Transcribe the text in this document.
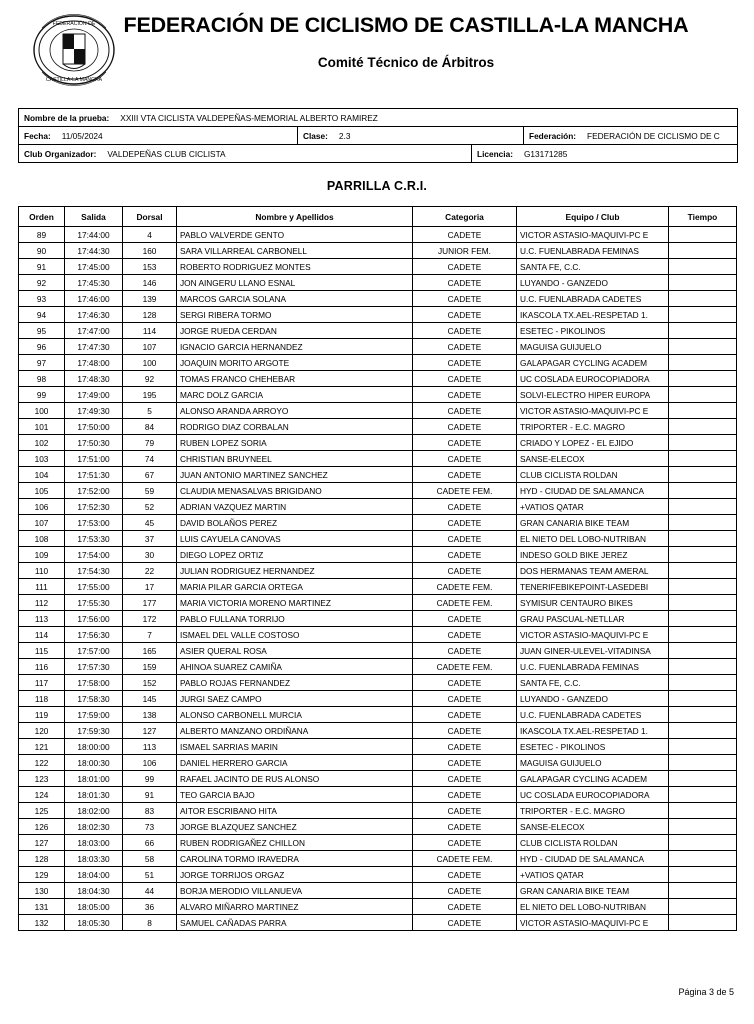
FEDERACIÓN DE
CASTILLA-LA MANCHA
FEDERACIÓN DE CICLISMO DE CASTILLA-LA MANCHA
Comité Técnico de Árbitros
Nombre de la prueba:	XXIII VTA CICLISTA VALDEPEÑAS-MEMORIAL ALBERTO RAMIREZ
Fecha:	11/05/2024	Clase:	2.3	Federación:	FEDERACIÓN DE CICLISMO DE C
Club Organizador:	VALDEPEÑAS CLUB CICLISTA	Licencia:	G13171285
PARRILLA C.R.I.
Orden	Salida	Dorsal	Nombre y Apellidos	Categoria	Equipo / Club	Tiempo
89	17:44:00	4	PABLO VALVERDE GENTO	CADETE	VICTOR ASTASIO-MAQUIVI-PC E	
90	17:44:30	160	SARA VILLARREAL CARBONELL	JUNIOR FEM.	U.C. FUENLABRADA FEMINAS	
91	17:45:00	153	ROBERTO RODRIGUEZ MONTES	CADETE	SANTA FE, C.C.	
92	17:45:30	146	JON AINGERU LLANO ESNAL	CADETE	LUYANDO - GANZEDO	
93	17:46:00	139	MARCOS GARCIA SOLANA	CADETE	U.C. FUENLABRADA CADETES	
94	17:46:30	128	SERGI RIBERA TORMO	CADETE	IKASCOLA TX.AEL-RESPETAD 1.	
95	17:47:00	114	JORGE RUEDA CERDAN	CADETE	ESETEC - PIKOLINOS	
96	17:47:30	107	IGNACIO GARCIA HERNANDEZ	CADETE	MAGUISA GUIJUELO	
97	17:48:00	100	JOAQUIN MORITO ARGOTE	CADETE	GALAPAGAR CYCLING ACADEM	
98	17:48:30	92	TOMAS FRANCO CHEHEBAR	CADETE	UC COSLADA EUROCOPIADORA	
99	17:49:00	195	MARC DOLZ GARCIA	CADETE	SOLVI-ELECTRO HIPER EUROPA	
100	17:49:30	5	ALONSO ARANDA ARROYO	CADETE	VICTOR ASTASIO-MAQUIVI-PC E	
101	17:50:00	84	RODRIGO DIAZ CORBALAN	CADETE	TRIPORTER - E.C. MAGRO	
102	17:50:30	79	RUBEN LOPEZ SORIA	CADETE	CRIADO Y LOPEZ - EL EJIDO	
103	17:51:00	74	CHRISTIAN BRUYNEEL	CADETE	SANSE-ELECOX	
104	17:51:30	67	JUAN ANTONIO MARTINEZ SANCHEZ	CADETE	CLUB CICLISTA ROLDAN	
105	17:52:00	59	CLAUDIA MENASALVAS BRIGIDANO	CADETE FEM.	HYD - CIUDAD DE SALAMANCA	
106	17:52:30	52	ADRIAN VAZQUEZ MARTIN	CADETE	+VATIOS QATAR	
107	17:53:00	45	DAVID BOLAÑOS PEREZ	CADETE	GRAN CANARIA BIKE TEAM	
108	17:53:30	37	LUIS CAYUELA CANOVAS	CADETE	EL NIETO DEL LOBO-NUTRIBAN	
109	17:54:00	30	DIEGO LOPEZ ORTIZ	CADETE	INDESO GOLD BIKE JEREZ	
110	17:54:30	22	JULIAN RODRIGUEZ HERNANDEZ	CADETE	DOS HERMANAS TEAM AMERAL	
111	17:55:00	17	MARIA PILAR GARCIA ORTEGA	CADETE FEM.	TENERIFEBIKEPOINT-LASEDEBI	
112	17:55:30	177	MARIA VICTORIA MORENO MARTINEZ	CADETE FEM.	SYMISUR CENTAURO BIKES	
113	17:56:00	172	PABLO FULLANA TORRIJO	CADETE	GRAU PASCUAL-NETLLAR	
114	17:56:30	7	ISMAEL DEL VALLE COSTOSO	CADETE	VICTOR ASTASIO-MAQUIVI-PC E	
115	17:57:00	165	ASIER QUERAL ROSA	CADETE	JUAN GINER-ULEVEL-VITADINSA	
116	17:57:30	159	AHINOA SUAREZ CAMIÑA	CADETE FEM.	U.C. FUENLABRADA FEMINAS	
117	17:58:00	152	PABLO ROJAS FERNANDEZ	CADETE	SANTA FE, C.C.	
118	17:58:30	145	JURGI SAEZ CAMPO	CADETE	LUYANDO - GANZEDO	
119	17:59:00	138	ALONSO CARBONELL MURCIA	CADETE	U.C. FUENLABRADA CADETES	
120	17:59:30	127	ALBERTO MANZANO ORDIÑANA	CADETE	IKASCOLA TX.AEL-RESPETAD 1.	
121	18:00:00	113	ISMAEL SARRIAS MARIN	CADETE	ESETEC - PIKOLINOS	
122	18:00:30	106	DANIEL HERRERO GARCIA	CADETE	MAGUISA GUIJUELO	
123	18:01:00	99	RAFAEL JACINTO DE RUS ALONSO	CADETE	GALAPAGAR CYCLING ACADEM	
124	18:01:30	91	TEO GARCIA BAJO	CADETE	UC COSLADA EUROCOPIADORA	
125	18:02:00	83	AITOR ESCRIBANO HITA	CADETE	TRIPORTER - E.C. MAGRO	
126	18:02:30	73	JORGE BLAZQUEZ SANCHEZ	CADETE	SANSE-ELECOX	
127	18:03:00	66	RUBEN RODRIGAÑEZ CHILLON	CADETE	CLUB CICLISTA ROLDAN	
128	18:03:30	58	CAROLINA TORMO IRAVEDRA	CADETE FEM.	HYD - CIUDAD DE SALAMANCA	
129	18:04:00	51	JORGE TORRIJOS ORGAZ	CADETE	+VATIOS QATAR	
130	18:04:30	44	BORJA MERODIO VILLANUEVA	CADETE	GRAN CANARIA BIKE TEAM	
131	18:05:00	36	ALVARO MIÑARRO MARTINEZ	CADETE	EL NIETO DEL LOBO-NUTRIBAN	
132	18:05:30	8	SAMUEL CAÑADAS PARRA	CADETE	VICTOR ASTASIO-MAQUIVI-PC E	
Página 3 de 5
